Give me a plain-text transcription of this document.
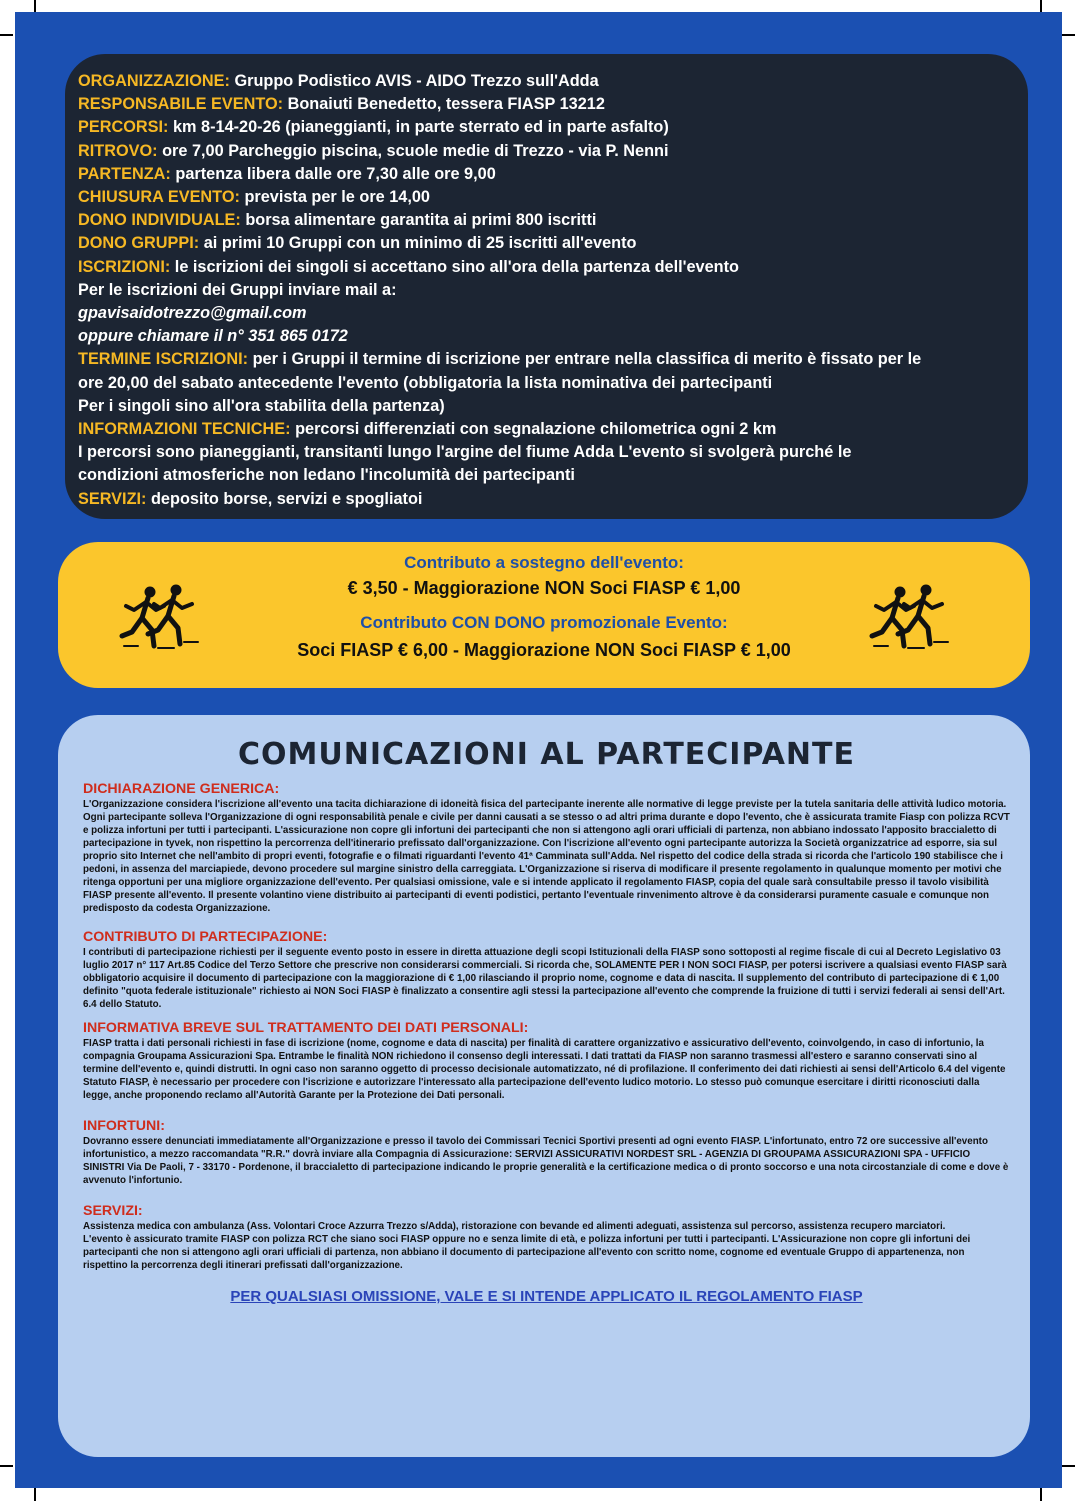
ORGANIZZAZIONE: Gruppo Podistico AVIS - AIDO Trezzo sull'Adda
RESPONSABILE EVENTO: Bonaiuti Benedetto, tessera FIASP 13212
PERCORSI: km 8-14-20-26 (pianeggianti, in parte sterrato ed in parte asfalto)
RITROVO: ore 7,00 Parcheggio piscina, scuole medie di Trezzo - via P. Nenni
PARTENZA: partenza libera dalle ore 7,30 alle ore 9,00
CHIUSURA EVENTO: prevista per le ore 14,00
DONO INDIVIDUALE: borsa alimentare garantita ai primi 800 iscritti
DONO GRUPPI: ai primi 10 Gruppi con un minimo di 25 iscritti all'evento
ISCRIZIONI: le iscrizioni dei singoli si accettano sino all'ora della partenza dell'evento
Per le iscrizioni dei Gruppi inviare mail a:
gpavisaidotrezzo@gmail.com
oppure chiamare il n° 351 865 0172
TERMINE ISCRIZIONI: per i Gruppi il termine di iscrizione per entrare nella classifica di merito è fissato per le
ore 20,00 del sabato antecedente l'evento (obbligatoria la lista nominativa dei partecipanti
Per i singoli sino all'ora stabilita della partenza)
INFORMAZIONI TECNICHE: percorsi differenziati con segnalazione chilometrica ogni 2 km
I percorsi sono pianeggianti, transitanti lungo l'argine del fiume Adda L'evento si svolgerà purché le
condizioni atmosferiche non ledano l'incolumità dei partecipanti
SERVIZI: deposito borse, servizi e spogliatoi
Contributo a sostegno dell'evento:
€ 3,50 - Maggiorazione NON Soci FIASP € 1,00
Contributo CON DONO promozionale Evento:
Soci FIASP € 6,00 - Maggiorazione NON Soci FIASP € 1,00
COMUNICAZIONI AL PARTECIPANTE
DICHIARAZIONE GENERICA:

L'Organizzazione considera l'iscrizione all'evento una tacita dichiarazione di idoneità fisica del partecipante inerente alle normative di legge previste per la tutela sanitaria delle attività ludico motoria. Ogni partecipante solleva l'Organizzazione di ogni responsabilità penale e civile per danni causati a se stesso o ad altri prima durante e dopo l'evento, che è assicurata tramite Fiasp con polizza RCVT e polizza infortuni per tutti i partecipanti. L'assicurazione non copre gli infortuni dei partecipanti che non si attengono agli orari ufficiali di partenza, non abbiano indossato l'apposito braccialetto di partecipazione in tyvek, non rispettino la percorrenza dell'itinerario prefissato dall'organizzazione. Con l'iscrizione all'evento ogni partecipante autorizza la Società organizzatrice ad esporre, sia sul proprio sito Internet che nell'ambito di propri eventi, fotografie e o filmati riguardanti l'evento 41ª Camminata sull'Adda. Nel rispetto del codice della strada si ricorda che l'articolo 190 stabilisce che i pedoni, in assenza del marciapiede, devono procedere sul margine sinistro della carreggiata. L'Organizzazione si riserva di modificare il presente regolamento in qualunque momento per motivi che ritenga opportuni per una migliore organizzazione dell'evento. Per qualsiasi omissione, vale e si intende applicato il regolamento FIASP, copia del quale sarà consultabile presso il tavolo visibilità FIASP presente all'evento. Il presente volantino viene distribuito ai partecipanti di eventi podistici, pertanto l'eventuale rinvenimento altrove è da considerarsi puramente casuale e comunque non predisposto da codesta Organizzazione.

CONTRIBUTO DI PARTECIPAZIONE:

I contributi di partecipazione richiesti per il seguente evento posto in essere in diretta attuazione degli scopi Istituzionali della FIASP sono sottoposti al regime fiscale di cui al Decreto Legislativo 03 luglio 2017 n° 117 Art.85 Codice del Terzo Settore che prescrive non considerarsi commerciali. Si ricorda che, SOLAMENTE PER I NON SOCI FIASP, per potersi iscrivere a qualsiasi evento FIASP sarà obbligatorio acquisire il documento di partecipazione con la maggiorazione di € 1,00 rilasciando il proprio nome, cognome e data di nascita. Il supplemento del contributo di partecipazione di € 1,00 definito "quota federale istituzionale" richiesto ai NON Soci FIASP è finalizzato a consentire agli stessi la partecipazione all'evento che comprende la fruizione di tutti i servizi federali ai sensi dell'Art. 6.4 dello Statuto.

INFORMATIVA BREVE SUL TRATTAMENTO DEI DATI PERSONALI:

FIASP tratta i dati personali richiesti in fase di iscrizione (nome, cognome e data di nascita) per finalità di carattere organizzativo e assicurativo dell'evento, coinvolgendo, in caso di infortunio, la compagnia Groupama Assicurazioni Spa. Entrambe le finalità NON richiedono il consenso degli interessati. I dati trattati da FIASP non saranno trasmessi all'estero e saranno conservati sino al termine dell'evento e, quindi distrutti. In ogni caso non saranno oggetto di processo decisionale automatizzato, né di profilazione. Il conferimento dei dati richiesti ai sensi dell'Articolo 6.4 del vigente Statuto FIASP, è necessario per procedere con l'iscrizione e autorizzare l'interessato alla partecipazione dell'evento ludico motorio. Lo stesso può comunque esercitare i diritti riconosciuti dalla legge, anche proponendo reclamo all'Autorità Garante per la Protezione dei Dati personali.

INFORTUNI:

Dovranno essere denunciati immediatamente all'Organizzazione e presso il tavolo dei Commissari Tecnici Sportivi presenti ad ogni evento FIASP. L'infortunato, entro 72 ore successive all'evento infortunistico, a mezzo raccomandata "R.R." dovrà inviare alla Compagnia di Assicurazione: SERVIZI ASSICURATIVI NORDEST SRL - AGENZIA DI GROUPAMA ASSICURAZIONI SPA - UFFICIO SINISTRI Via De Paoli, 7 - 33170 - Pordenone, il braccialetto di partecipazione indicando le proprie generalità e la certificazione medica o di pronto soccorso e una nota circostanziale di come e dove è avvenuto l'infortunio.

SERVIZI:

Assistenza medica con ambulanza (Ass. Volontari Croce Azzurra Trezzo s/Adda), ristorazione con bevande ed alimenti adeguati, assistenza sul percorso, assistenza recupero marciatori.

L'evento è assicurato tramite FIASP con polizza RCT che siano soci FIASP oppure no e senza limite di età, e polizza infortuni per tutti i partecipanti. L'Assicurazione non copre gli infortuni dei partecipanti che non si attengono agli orari ufficiali di partenza, non abbiano il documento di partecipazione all'evento con scritto nome, cognome ed eventuale Gruppo di appartenenza, non rispettino la percorrenza degli itinerari prefissati dall'organizzazione.

PER QUALSIASI OMISSIONE, VALE E SI INTENDE APPLICATO IL REGOLAMENTO FIASP
